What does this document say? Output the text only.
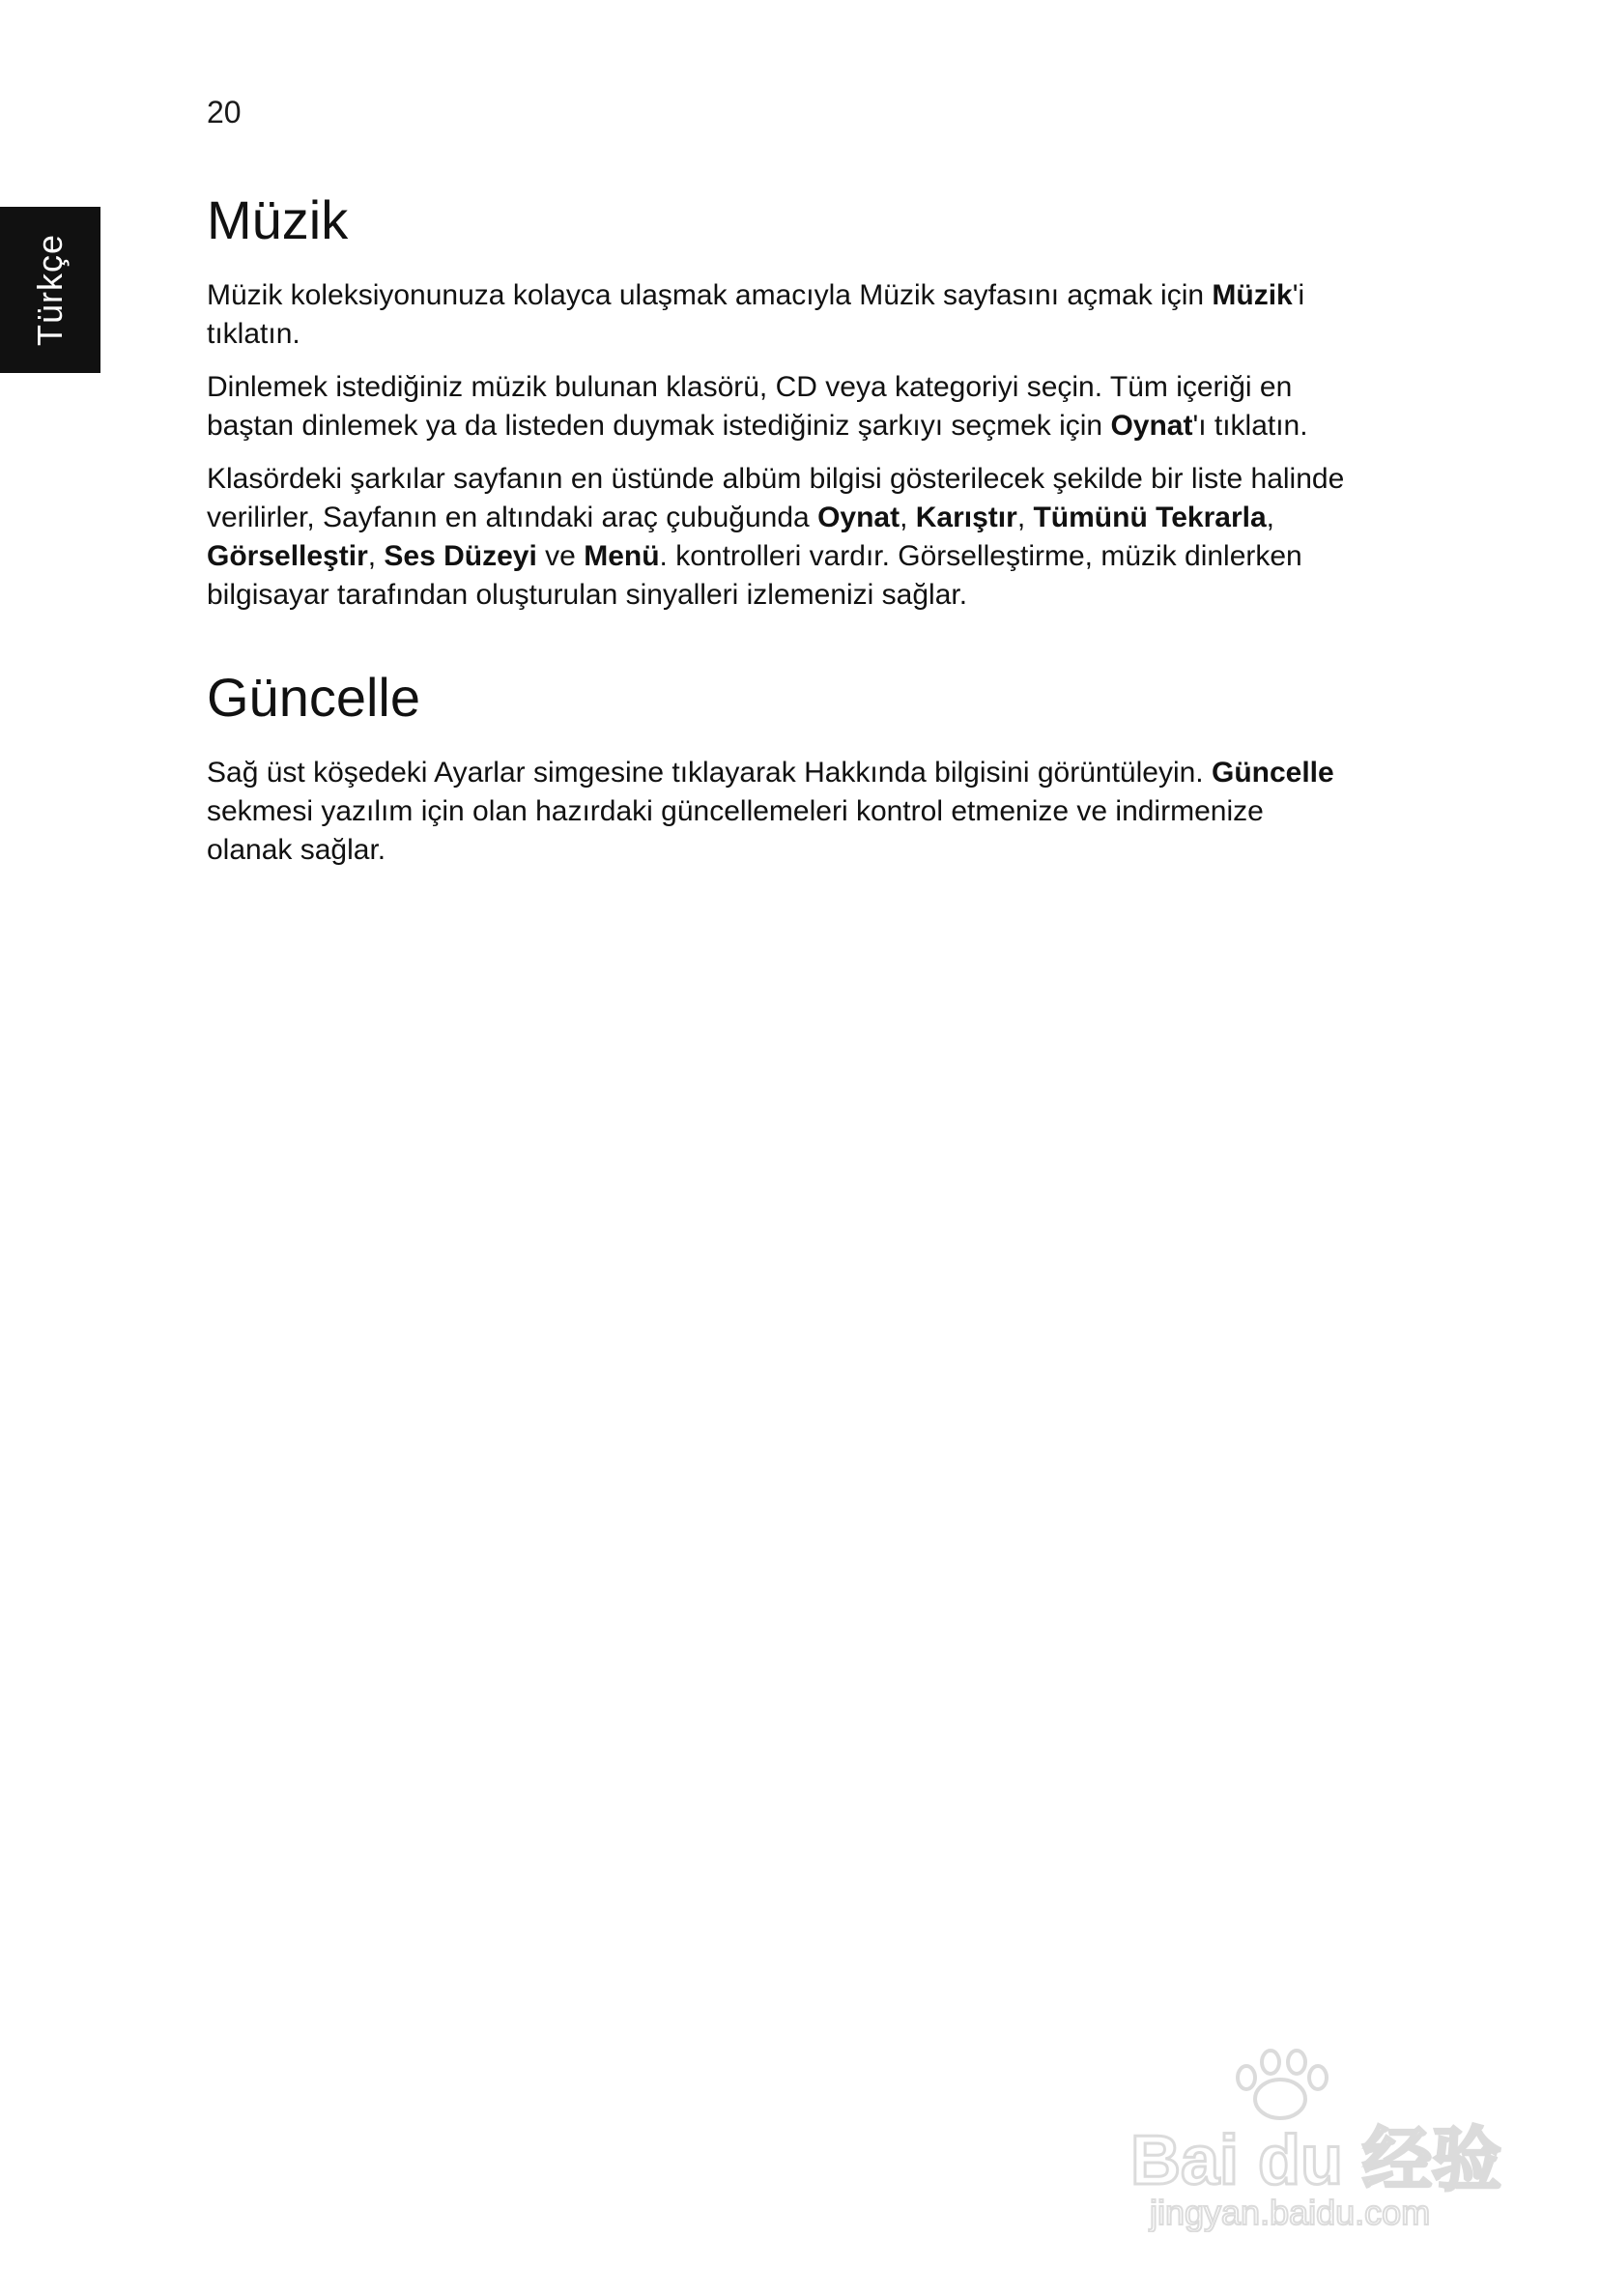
20
Türkçe
Müzik

Müzik koleksiyonunuza kolayca ulaşmak amacıyla Müzik sayfasını açmak için Müzik'i tıklatın.

Dinlemek istediğiniz müzik bulunan klasörü, CD veya kategoriyi seçin. Tüm içeriği en baştan dinlemek ya da listeden duymak istediğiniz şarkıyı seçmek için Oynat'ı tıklatın.

Klasördeki şarkılar sayfanın en üstünde albüm bilgisi gösterilecek şekilde bir liste halinde verilirler, Sayfanın en altındaki araç çubuğunda Oynat, Karıştır, Tümünü Tekrarla, Görselleştir, Ses Düzeyi ve Menü. kontrolleri vardır. Görselleştirme, müzik dinlerken bilgisayar tarafından oluşturulan sinyalleri izlemenizi sağlar.

Güncelle

Sağ üst köşedeki Ayarlar simgesine tıklayarak Hakkında bilgisini görüntüleyin. Güncelle sekmesi yazılım için olan hazırdaki güncellemeleri kontrol etmenize ve indirmenize olanak sağlar.

Bai du 经验
jingyan.baidu.com
